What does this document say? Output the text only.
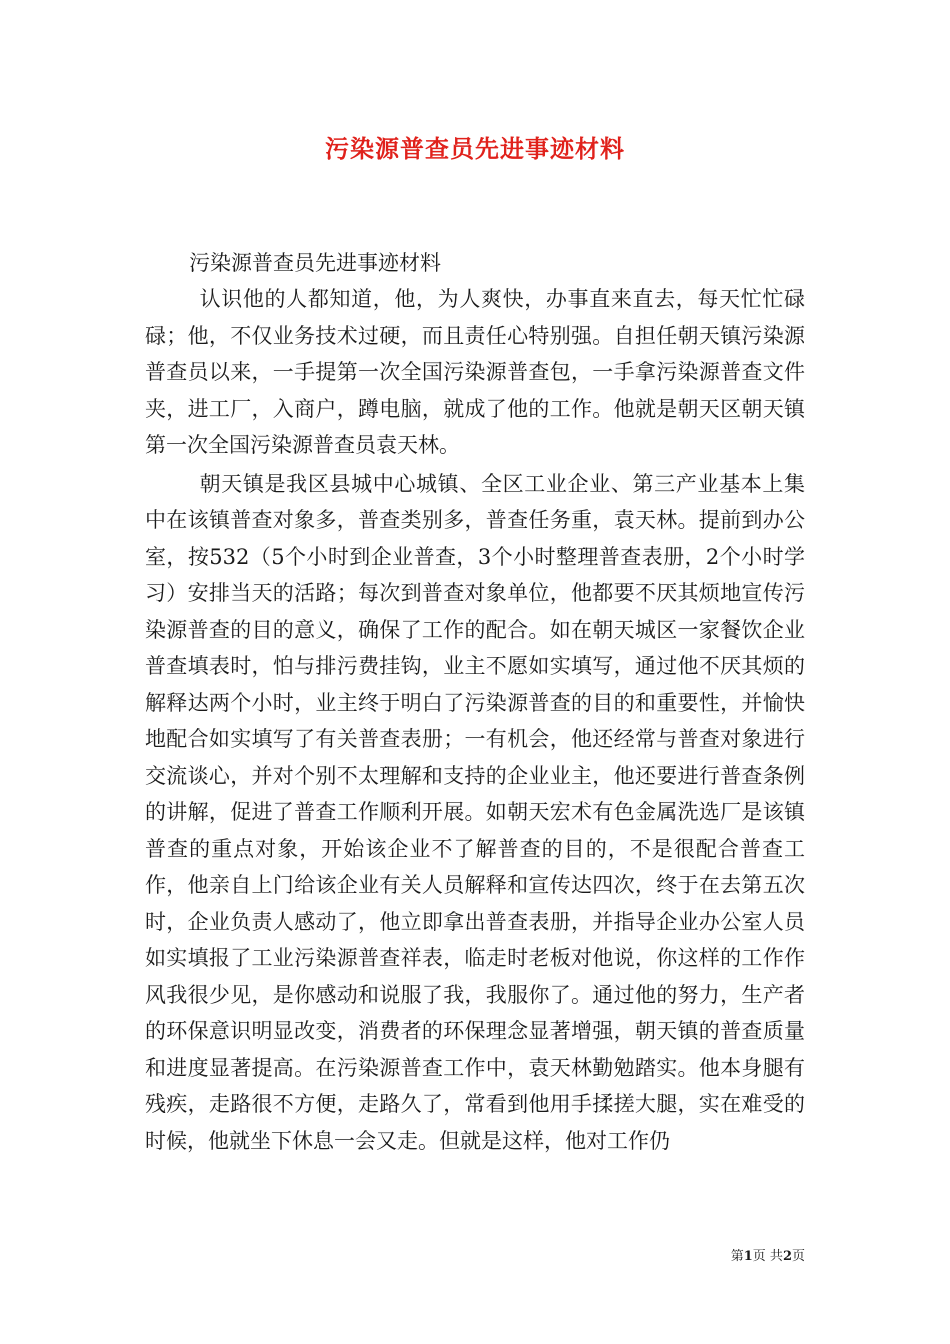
污染源普查员先进事迹材料

污染源普查员先进事迹材料

认识他的人都知道，他，为人爽快，办事直来直去，每天忙忙碌碌；他，不仅业务技术过硬，而且责任心特别强。自担任朝天镇污染源普查员以来，一手提第一次全国污染源普查包，一手拿污染源普查文件夹，进工厂，入商户，蹲电脑，就成了他的工作。他就是朝天区朝天镇第一次全国污染源普查员袁天林。

朝天镇是我区县城中心城镇、全区工业企业、第三产业基本上集中在该镇普查对象多，普查类别多，普查任务重，袁天林。提前到办公室，按532（5个小时到企业普查，3个小时整理普查表册，2个小时学习）安排当天的活路；每次到普查对象单位，他都要不厌其烦地宣传污染源普查的目的意义，确保了工作的配合。如在朝天城区一家餐饮企业普查填表时，怕与排污费挂钩，业主不愿如实填写，通过他不厌其烦的解释达两个小时，业主终于明白了污染源普查的目的和重要性，并愉快地配合如实填写了有关普查表册；一有机会，他还经常与普查对象进行交流谈心，并对个别不太理解和支持的企业业主，他还要进行普查条例的讲解，促进了普查工作顺利开展。如朝天宏术有色金属洗选厂是该镇普查的重点对象，开始该企业不了解普查的目的，不是很配合普查工作，他亲自上门给该企业有关人员解释和宣传达四次，终于在去第五次时，企业负责人感动了，他立即拿出普查表册，并指导企业办公室人员如实填报了工业污染源普查祥表，临走时老板对他说，你这样的工作作风我很少见，是你感动和说服了我，我服你了。通过他的努力，生产者的环保意识明显改变，消费者的环保理念显著增强，朝天镇的普查质量和进度显著提高。在污染源普查工作中，袁天林勤勉踏实。他本身腿有残疾，走路很不方便，走路久了，常看到他用手揉搓大腿，实在难受的时候，他就坐下休息一会又走。但就是这样，他对工作仍

第1页 共2页
